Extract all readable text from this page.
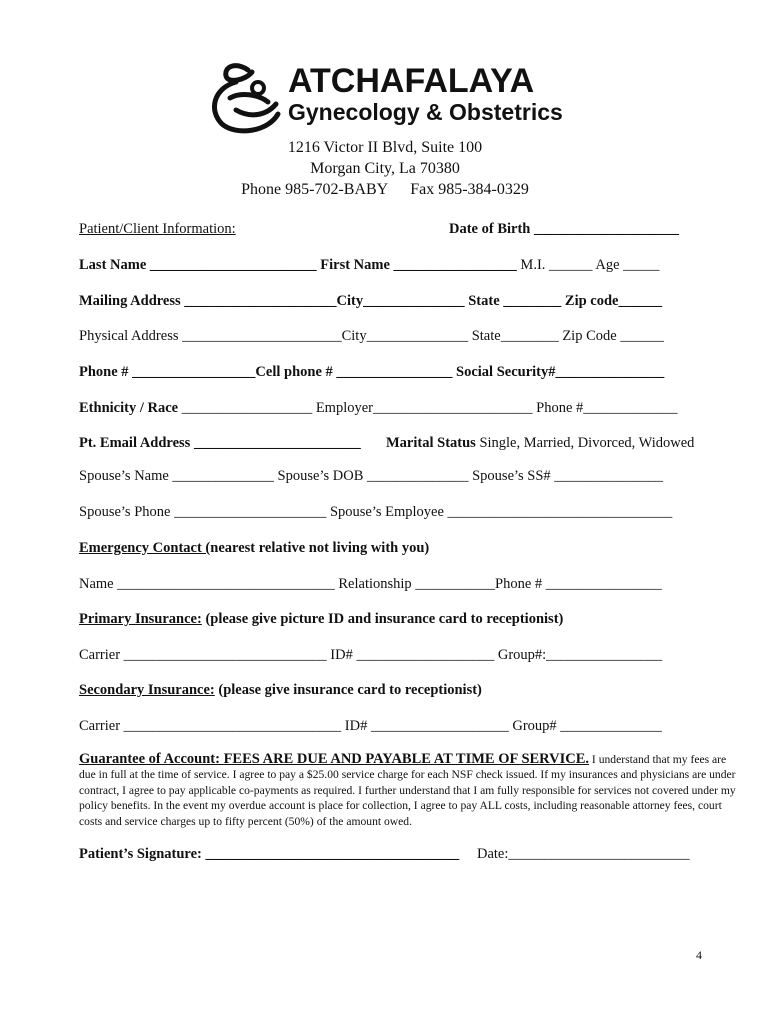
ATCHAFALAYA
Gynecology & Obstetrics
1216 Victor II Blvd, Suite 100
Morgan City, La 70380
Phone 985-702-BABY Fax 985-384-0329
Patient/Client Information:	Date of Birth ____________________
Last Name _______________________ First Name _________________ M.I. ______ Age _____
Mailing Address _____________________City______________ State ________ Zip code______
Physical Address ______________________City______________ State________ Zip Code ______
Phone # _________________Cell phone # ________________ Social Security#_______________
Ethnicity / Race __________________ Employer______________________ Phone #_____________
Pt. Email Address _______________________ Marital Status Single, Married, Divorced, Widowed
Spouse’s Name ______________ Spouse’s DOB ______________ Spouse’s SS# _______________
Spouse’s Phone _____________________ Spouse’s Employee _______________________________
Emergency Contact (nearest relative not living with you)
Name ______________________________ Relationship ___________Phone # ________________
Primary Insurance: (please give picture ID and insurance card to receptionist)
Carrier ____________________________ ID# ___________________ Group#:________________
Secondary Insurance: (please give insurance card to receptionist)
Carrier ______________________________ ID# ___________________ Group# ______________
Guarantee of Account: FEES ARE DUE AND PAYABLE AT TIME OF SERVICE. I understand that my fees are due in full at the time of service. I agree to pay a $25.00 service charge for each NSF check issued. If my insurances and physicians are under contract, I agree to pay applicable co-payments as required. I further understand that I am fully responsible for services not covered under my policy benefits. In the event my overdue account is place for collection, I agree to pay ALL costs, including reasonable attorney fees, court costs and service charges up to fifty percent (50%) of the amount owed.
Patient’s Signature: ___________________________________ Date:_________________________
4
